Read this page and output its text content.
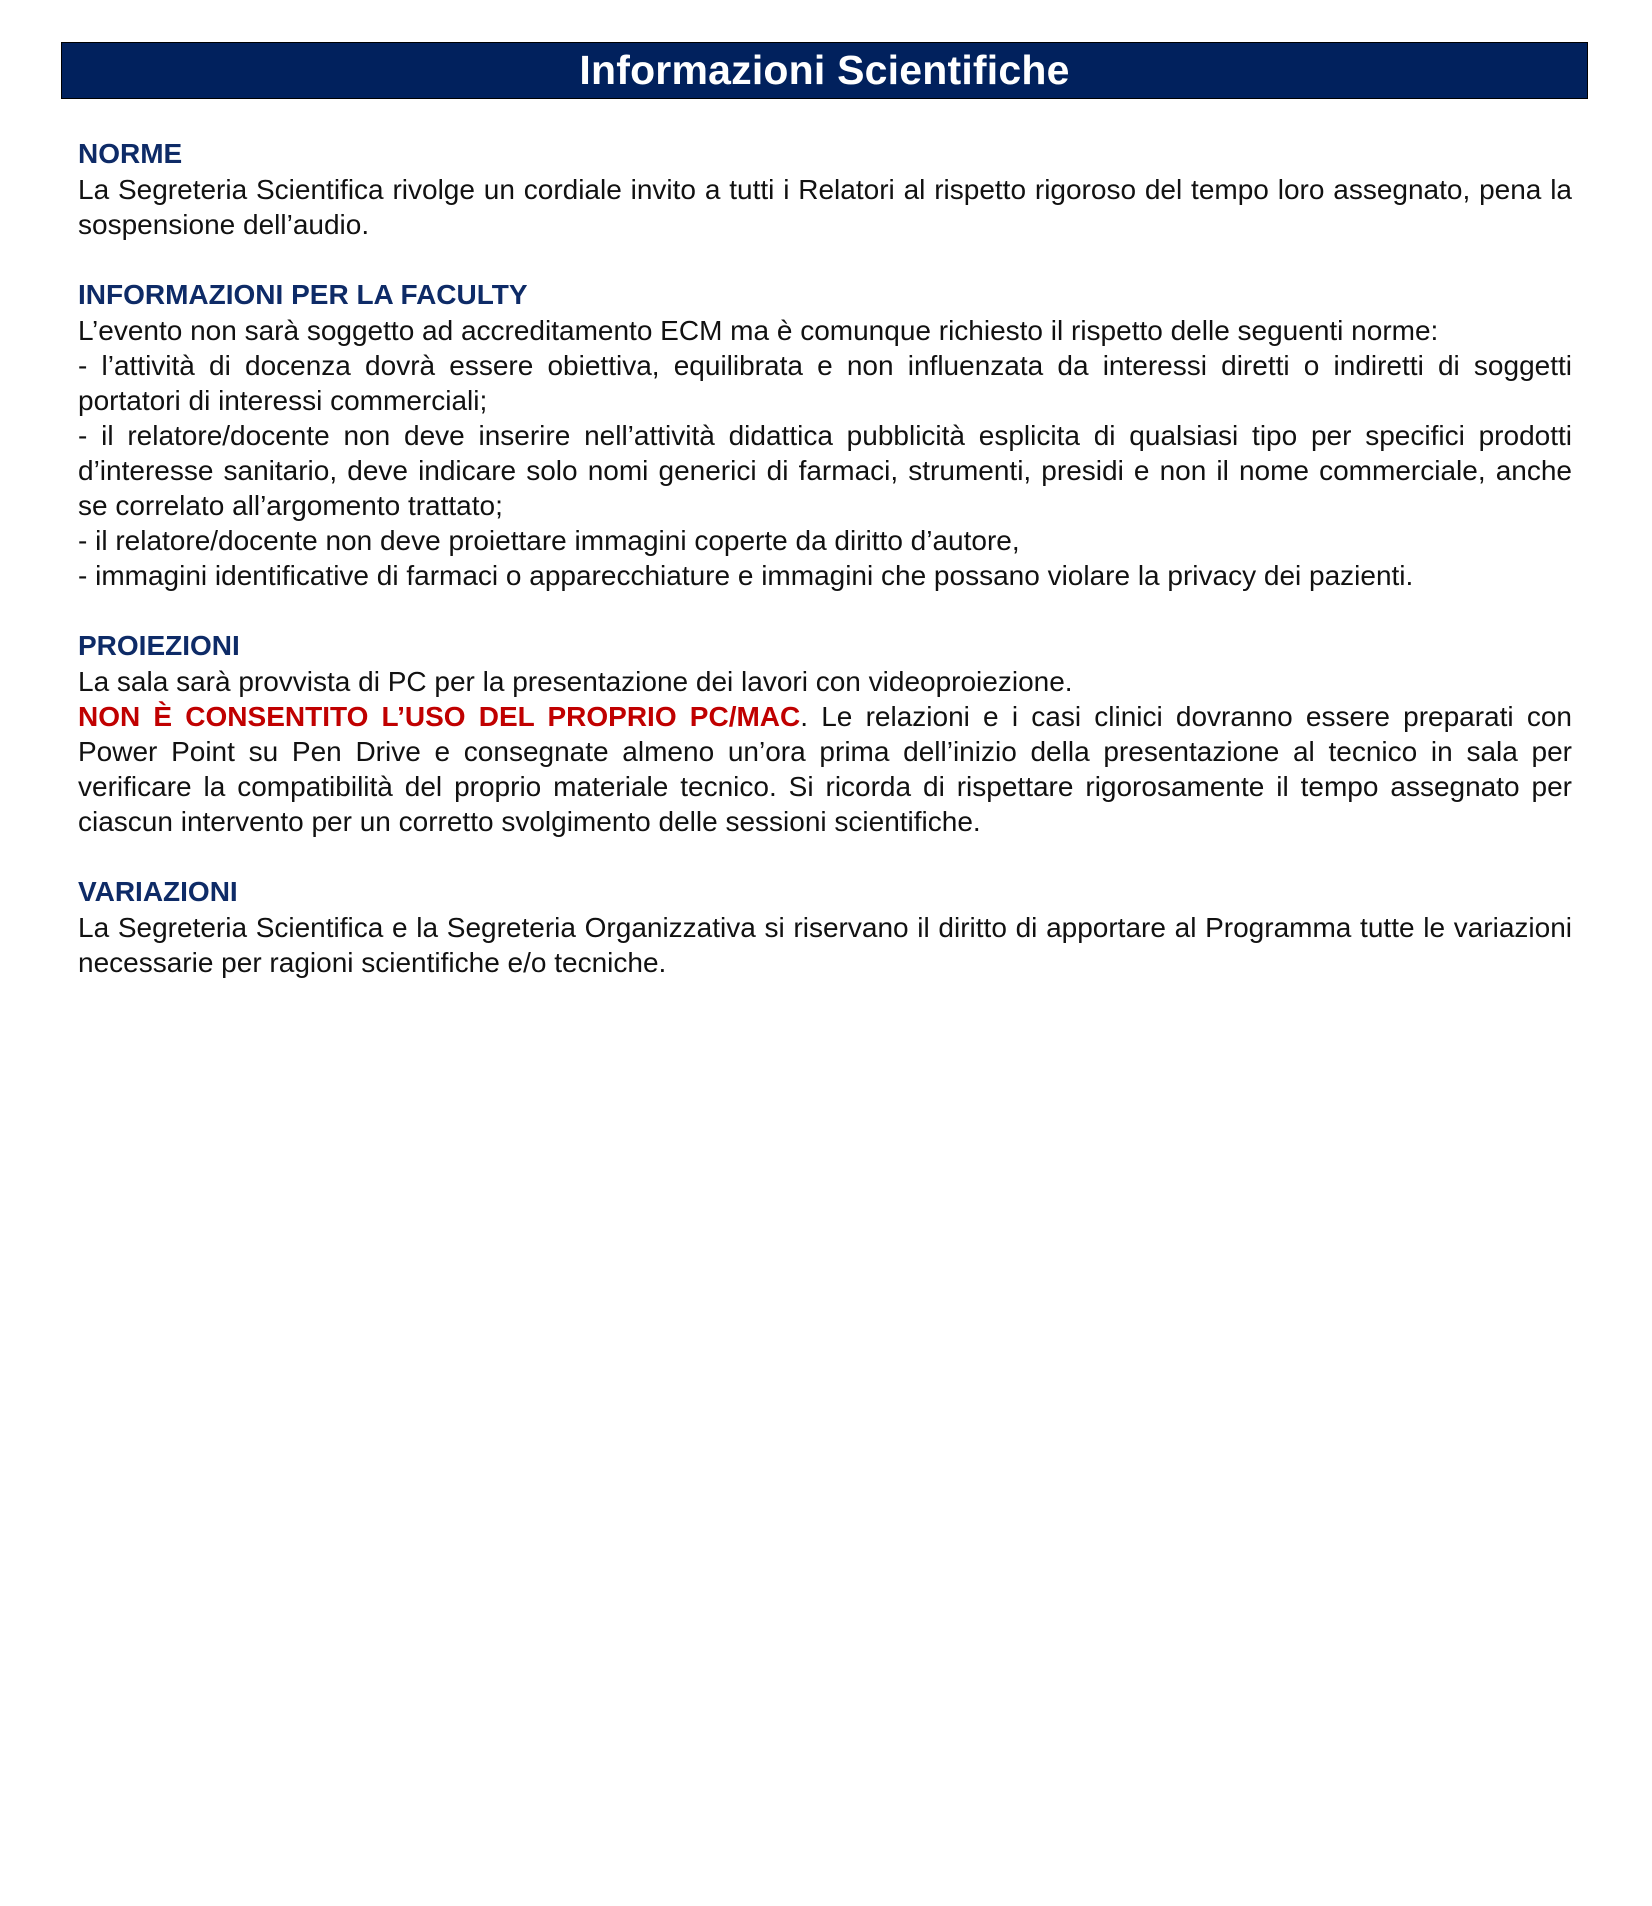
Informazioni Scientifiche

NORME

La Segreteria Scientifica rivolge un cordiale invito a tutti i Relatori al rispetto rigoroso del tempo loro assegnato, pena la sospensione dell’audio.

INFORMAZIONI PER LA FACULTY

L’evento non sarà soggetto ad accreditamento ECM ma è comunque richiesto il rispetto delle seguenti norme:

- l’attività di docenza dovrà essere obiettiva, equilibrata e non influenzata da interessi diretti o indiretti di soggetti portatori di interessi commerciali;

- il relatore/docente non deve inserire nell’attività didattica pubblicità esplicita di qualsiasi tipo per specifici prodotti d’interesse sanitario, deve indicare solo nomi generici di farmaci, strumenti, presidi e non il nome commerciale, anche se correlato all’argomento trattato;

- il relatore/docente non deve proiettare immagini coperte da diritto d’autore,

- immagini identificative di farmaci o apparecchiature e immagini che possano violare la privacy dei pazienti.

PROIEZIONI

La sala sarà provvista di PC per la presentazione dei lavori con videoproiezione.

NON È CONSENTITO L’USO DEL PROPRIO PC/MAC. Le relazioni e i casi clinici dovranno essere preparati con Power Point su Pen Drive e consegnate almeno un’ora prima dell’inizio della presentazione al tecnico in sala per verificare la compatibilità del proprio materiale tecnico. Si ricorda di rispettare rigorosamente il tempo assegnato per ciascun intervento per un corretto svolgimento delle sessioni scientifiche.

VARIAZIONI

La Segreteria Scientifica e la Segreteria Organizzativa si riservano il diritto di apportare al Programma tutte le variazioni necessarie per ragioni scientifiche e/o tecniche.
